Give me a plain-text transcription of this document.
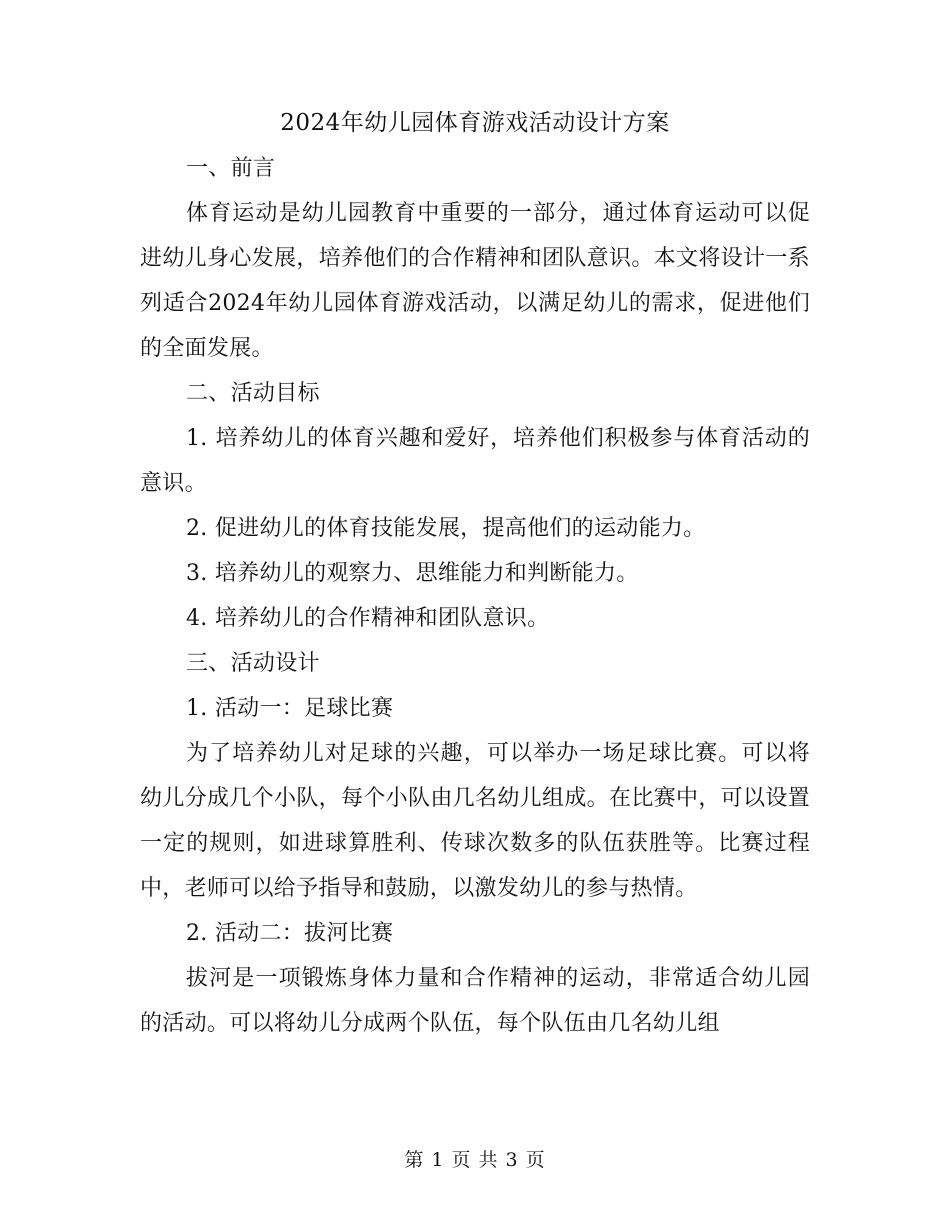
2024年幼儿园体育游戏活动设计方案

一、前言

体育运动是幼儿园教育中重要的一部分，通过体育运动可以促进幼儿身心发展，培养他们的合作精神和团队意识。本文将设计一系列适合2024年幼儿园体育游戏活动，以满足幼儿的需求，促进他们的全面发展。

二、活动目标

1. 培养幼儿的体育兴趣和爱好，培养他们积极参与体育活动的意识。

2. 促进幼儿的体育技能发展，提高他们的运动能力。

3. 培养幼儿的观察力、思维能力和判断能力。

4. 培养幼儿的合作精神和团队意识。

三、活动设计

1. 活动一：足球比赛

为了培养幼儿对足球的兴趣，可以举办一场足球比赛。可以将幼儿分成几个小队，每个小队由几名幼儿组成。在比赛中，可以设置一定的规则，如进球算胜利、传球次数多的队伍获胜等。比赛过程中，老师可以给予指导和鼓励，以激发幼儿的参与热情。

2. 活动二：拔河比赛

拔河是一项锻炼身体力量和合作精神的运动，非常适合幼儿园的活动。可以将幼儿分成两个队伍，每个队伍由几名幼儿组

第 1 页 共 3 页
